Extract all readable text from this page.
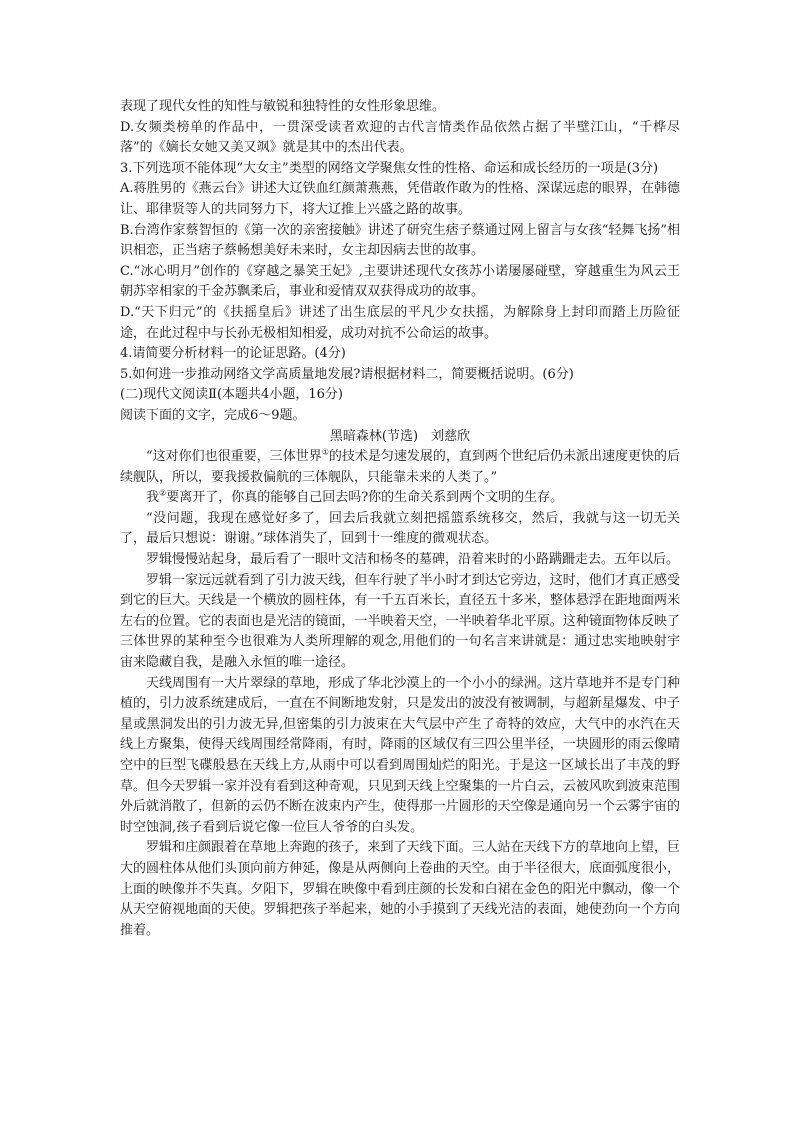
表现了现代女性的知性与敏锐和独特性的女性形象思维。

D.女频类榜单的作品中，一贯深受读者欢迎的古代言情类作品依然占据了半壁江山，“千桦尽落”的《嫡长女她又美又飒》就是其中的杰出代表。

3.下列选项不能体现“大女主”类型的网络文学聚焦女性的性格、命运和成长经历的一项是(3分)

A.蒋胜男的《燕云台》讲述大辽铁血红颜萧燕燕，凭借敢作敢为的性格、深谋远虑的眼界，在韩德让、耶律贤等人的共同努力下，将大辽推上兴盛之路的故事。

B.台湾作家蔡智恒的《第一次的亲密接触》讲述了研究生痞子蔡通过网上留言与女孩“轻舞飞扬”相识相恋，正当痞子蔡畅想美好未来时，女主却因病去世的故事。

C.“冰心明月”创作的《穿越之暴笑王妃》,主要讲述现代女孩苏小诺屡屡碰壁，穿越重生为风云王朝苏宰相家的千金苏飘柔后，事业和爱情双双获得成功的故事。

D.“天下归元”的《扶摇皇后》讲述了出生底层的平凡少女扶摇，为解除身上封印而踏上历险征途，在此过程中与长孙无极相知相爱，成功对抗不公命运的故事。

4.请简要分析材料一的论证思路。(4分)

5.如何进一步推动网络文学高质量地发展?请根据材料二，简要概括说明。(6分)

(二)现代文阅读Ⅱ(本题共4小题，16分)

阅读下面的文字，完成6～9题。

黑暗森林(节选)　刘慈欣

“这对你们也很重要，三体世界①的技术是匀速发展的，直到两个世纪后仍未派出速度更快的后续舰队，所以，要我援救偏航的三体舰队，只能靠未来的人类了。”

我②要离开了，你真的能够自己回去吗?你的生命关系到两个文明的生存。

“没问题，我现在感觉好多了，回去后我就立刻把摇篮系统移交，然后，我就与这一切无关了，最后只想说：谢谢。”球体消失了，回到十一维度的微观状态。

罗辑慢慢站起身，最后看了一眼叶文洁和杨冬的墓碑，沿着来时的小路蹒跚走去。五年以后。

罗辑一家远远就看到了引力波天线，但车行驶了半小时才到达它旁边，这时，他们才真正感受到它的巨大。天线是一个横放的圆柱体，有一千五百米长，直径五十多米，整体悬浮在距地面两米左右的位置。它的表面也是光洁的镜面，一半映着天空，一半映着华北平原。这种镜面物体反映了三体世界的某种至今也很难为人类所理解的观念,用他们的一句名言来讲就是：通过忠实地映射宇宙来隐藏自我，是融入永恒的唯一途径。

天线周围有一大片翠绿的草地，形成了华北沙漠上的一个小小的绿洲。这片草地并不是专门种植的，引力波系统建成后，一直在不间断地发射，只是发出的波没有被调制，与超新星爆发、中子星或黑洞发出的引力波无异,但密集的引力波束在大气层中产生了奇特的效应，大气中的水汽在天线上方聚集，使得天线周围经常降雨，有时，降雨的区域仅有三四公里半径，一块圆形的雨云像晴空中的巨型飞碟般悬在天线上方,从雨中可以看到周围灿烂的阳光。于是这一区域长出了丰茂的野草。但今天罗辑一家并没有看到这种奇观，只见到天线上空聚集的一片白云，云被风吹到波束范围外后就消散了，但新的云仍不断在波束内产生，使得那一片圆形的天空像是通向另一个云雾宇宙的时空蚀洞,孩子看到后说它像一位巨人爷爷的白头发。

罗辑和庄颜跟着在草地上奔跑的孩子，来到了天线下面。三人站在天线下方的草地向上望，巨大的圆柱体从他们头顶向前方伸延，像是从两侧向上卷曲的天空。由于半径很大，底面弧度很小，上面的映像并不失真。夕阳下，罗辑在映像中看到庄颜的长发和白裙在金色的阳光中飘动，像一个从天空俯视地面的天使。罗辑把孩子举起来，她的小手摸到了天线光洁的表面，她使劲向一个方向推着。
